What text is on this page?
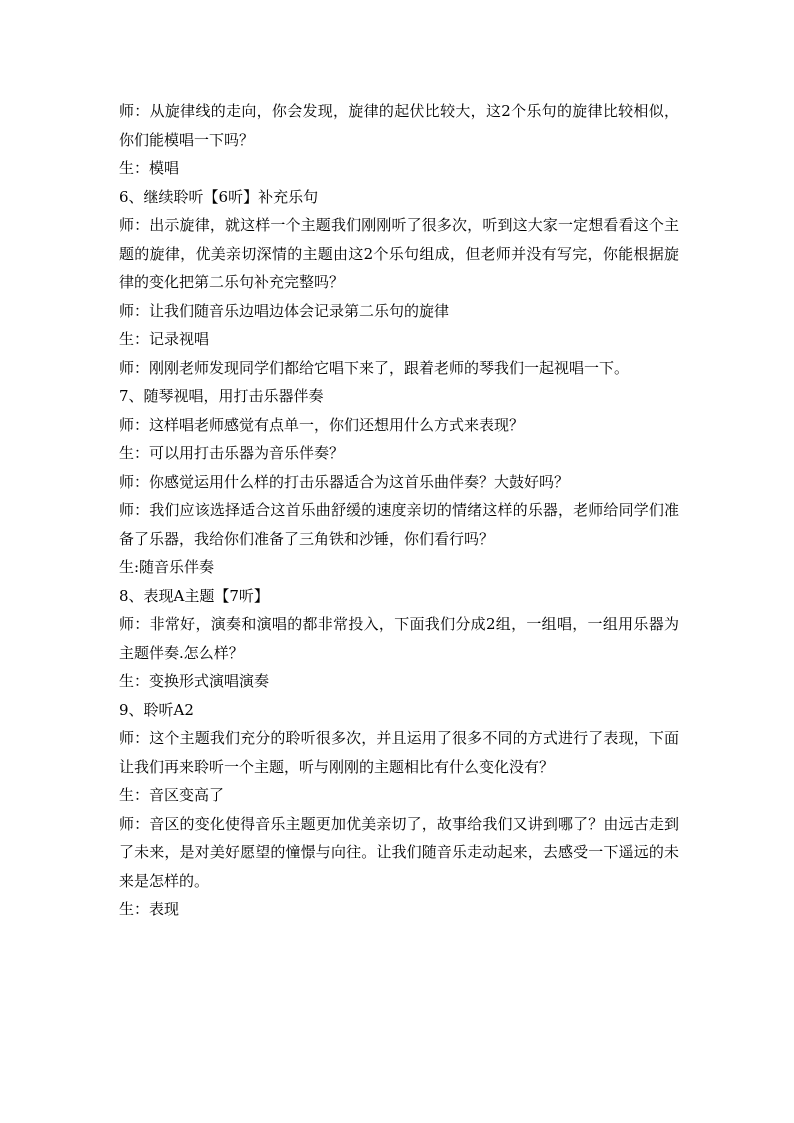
师：从旋律线的走向，你会发现，旋律的起伏比较大，这2个乐句的旋律比较相似，你们能模唱一下吗？

生：模唱

6、继续聆听【6听】补充乐句

师：出示旋律，就这样一个主题我们刚刚听了很多次，听到这大家一定想看看这个主题的旋律，优美亲切深情的主题由这2个乐句组成，但老师并没有写完，你能根据旋律的变化把第二乐句补充完整吗？

师：让我们随音乐边唱边体会记录第二乐句的旋律

生：记录视唱

师：刚刚老师发现同学们都给它唱下来了，跟着老师的琴我们一起视唱一下。

7、随琴视唱，用打击乐器伴奏

师：这样唱老师感觉有点单一，你们还想用什么方式来表现？

生：可以用打击乐器为音乐伴奏？

师：你感觉运用什么样的打击乐器适合为这首乐曲伴奏？大鼓好吗？

师：我们应该选择适合这首乐曲舒缓的速度亲切的情绪这样的乐器，老师给同学们准备了乐器，我给你们准备了三角铁和沙锤，你们看行吗？

生:随音乐伴奏

8、表现A主题【7听】

师：非常好，演奏和演唱的都非常投入，下面我们分成2组，一组唱，一组用乐器为主题伴奏.怎么样？

生：变换形式演唱演奏

9、聆听A2

师：这个主题我们充分的聆听很多次，并且运用了很多不同的方式进行了表现，下面让我们再来聆听一个主题，听与刚刚的主题相比有什么变化没有？

生：音区变高了

师：音区的变化使得音乐主题更加优美亲切了，故事给我们又讲到哪了？由远古走到了未来，是对美好愿望的憧憬与向往。让我们随音乐走动起来，去感受一下遥远的未来是怎样的。

生：表现
